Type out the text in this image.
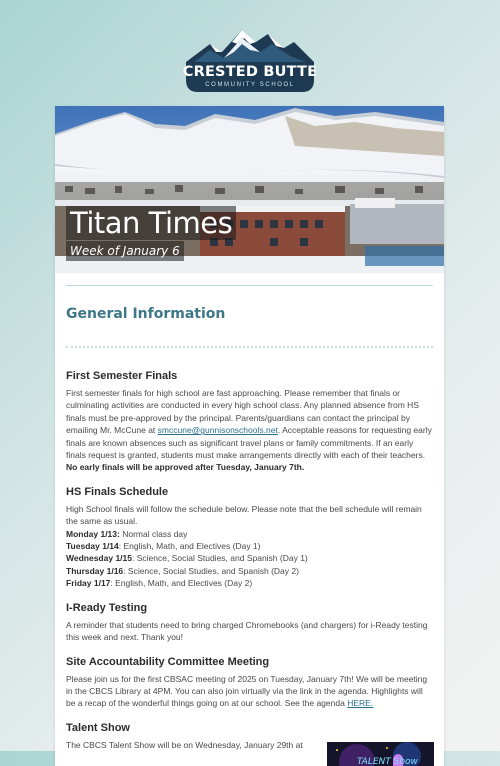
CRESTED BUTTE
COMMUNITY SCHOOL
Titan Times
Week of January 6
General Information
First Semester Finals

First semester finals for high school are fast approaching. Please remember that finals or culminating activities are conducted in every high school class. Any planned absence from HS finals must be pre-approved by the principal. Parents/guardians can contact the principal by emailing Mr. McCune at smccune@gunnisonschools.net. Acceptable reasons for requesting early finals are known absences such as significant travel plans or family commitments. If an early finals request is granted, students must make arrangements directly with each of their teachers.
No early finals will be approved after Tuesday, January 7th.

HS Finals Schedule

High School finals will follow the schedule below. Please note that the bell schedule will remain the same as usual.
Monday 1/13: Normal class day
Tuesday 1/14: English, Math, and Electives (Day 1)
Wednesday 1/15: Science, Social Studies, and Spanish (Day 1)
Thursday 1/16: Science, Social Studies, and Spanish (Day 2)
Friday 1/17: English, Math, and Electives (Day 2)

I-Ready Testing

A reminder that students need to bring charged Chromebooks (and chargers) for i-Ready testing this week and next. Thank you!

Site Accountability Committee Meeting

Please join us for the first CBSAC meeting of 2025 on Tuesday, January 7th! We will be meeting in the CBCS Library at 4PM. You can also join virtually via the link in the agenda. Highlights will be a recap of the wonderful things going on at our school. See the agenda HERE.

Talent Show

The CBCS Talent Show will be on Wednesday, January 29th at

TALENT Show
